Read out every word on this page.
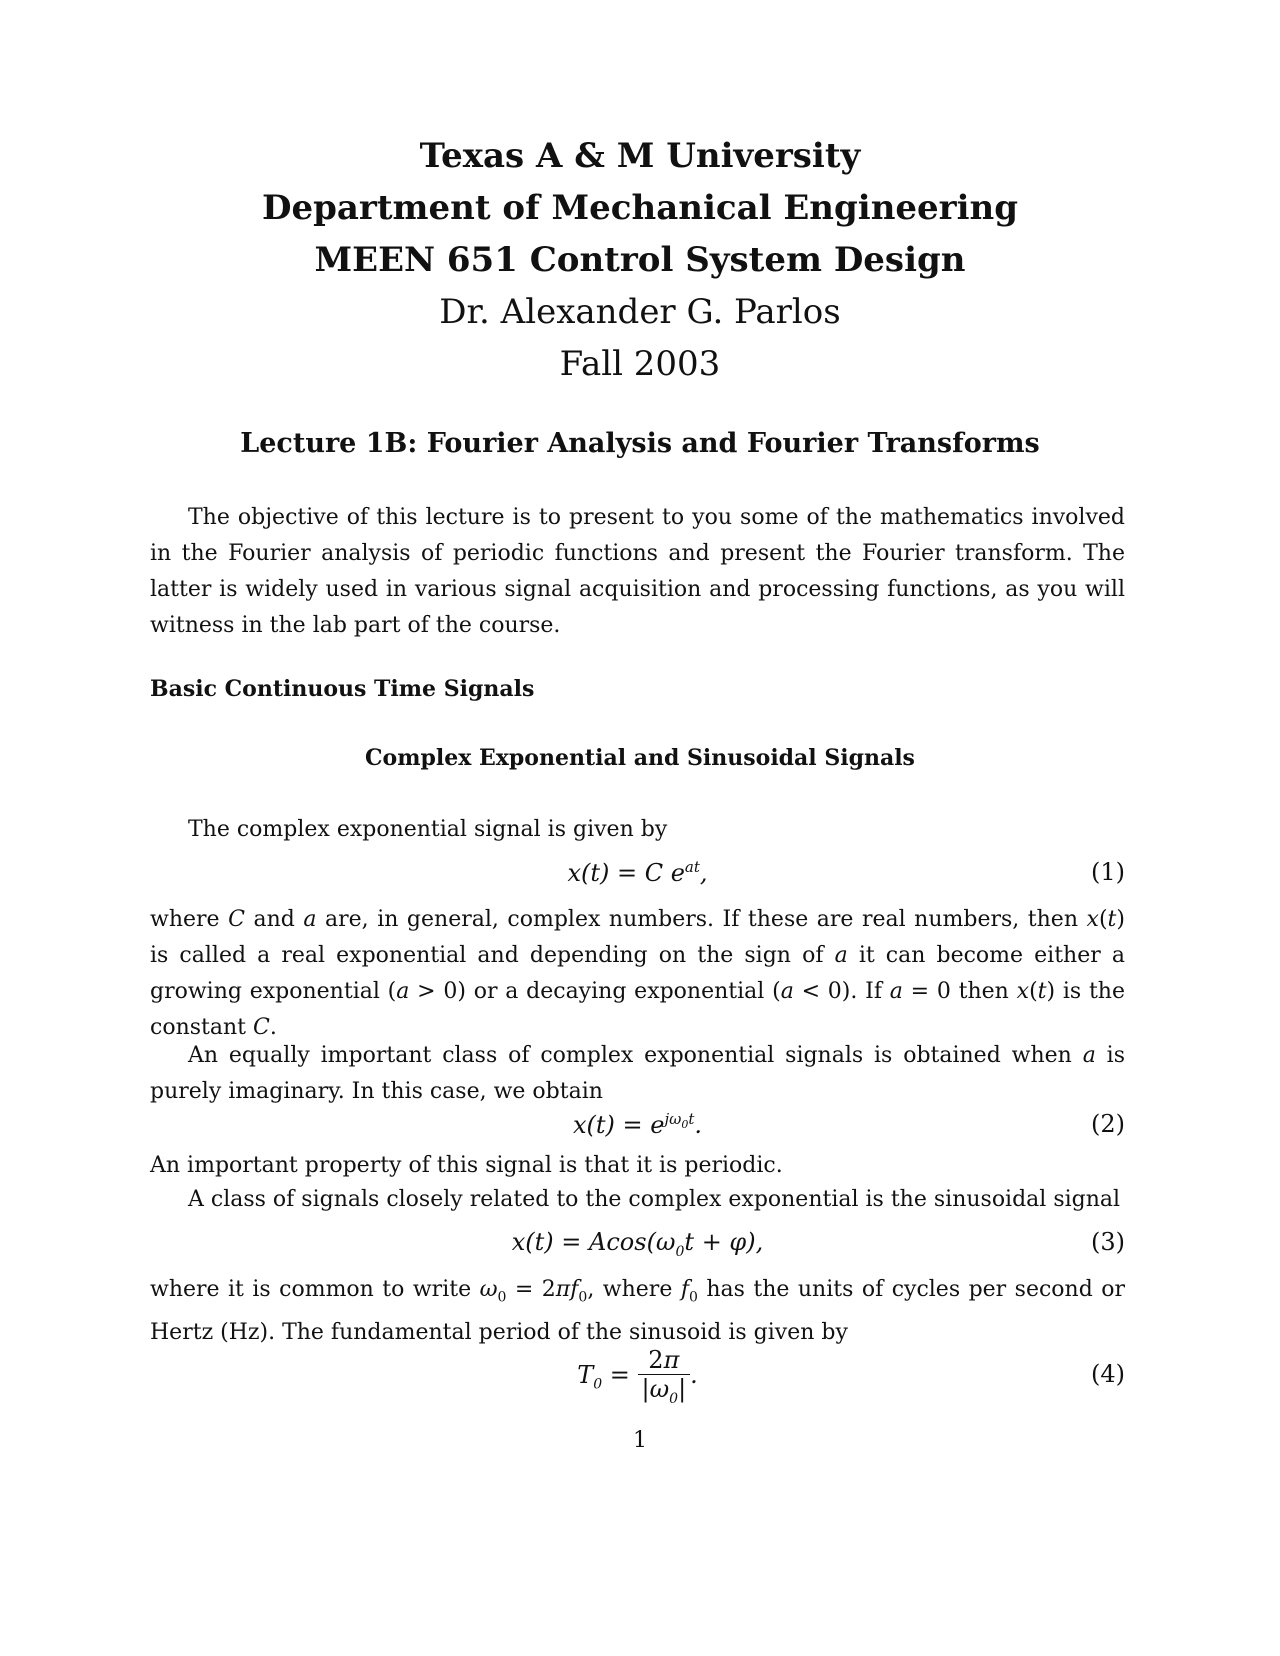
Texas A & M University
Department of Mechanical Engineering
MEEN 651 Control System Design
Dr. Alexander G. Parlos
Fall 2003
Lecture 1B: Fourier Analysis and Fourier Transforms
The objective of this lecture is to present to you some of the mathematics involved in the Fourier analysis of periodic functions and present the Fourier transform. The latter is widely used in various signal acquisition and processing functions, as you will witness in the lab part of the course.
Basic Continuous Time Signals
Complex Exponential and Sinusoidal Signals
The complex exponential signal is given by
x(t) = C $e^{at}$,	(1)
where C and a are, in general, complex numbers. If these are real numbers, then x(t) is called a real exponential and depending on the sign of a it can become either a growing exponential (a > 0) or a decaying exponential (a < 0). If a = 0 then x(t) is the constant C.
An equally important class of complex exponential signals is obtained when a is purely imaginary. In this case, we obtain
$x(t) = e^{j\omega_0t}$.	(2)
An important property of this signal is that it is periodic.
A class of signals closely related to the complex exponential is the sinusoidal signal
$x(t) = Acos(\omega_0t + \varphi)$,	(3)
where it is common to write $\omega_0 = 2\pi f_0$, where $f_0$ has the units of cycles per second or Hertz (Hz). The fundamental period of the sinusoid is given by
$T_0 = \frac{2\pi}{|\omega_0|}$ .	(4)
1
